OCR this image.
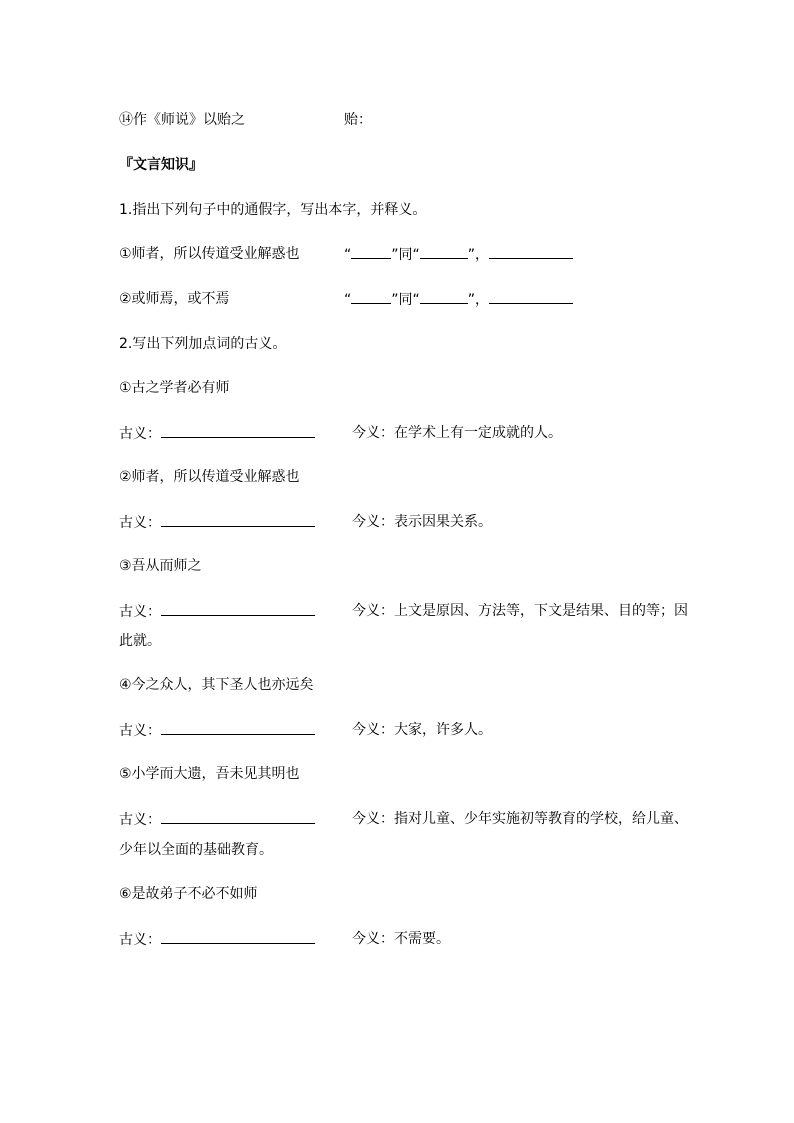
⑭作《师说》以贻之	贻：
『文言知识』
1.指出下列句子中的通假字，写出本字，并释义。
①师者，所以传道受业解惑也	“	”同“	”，
②或师焉，或不焉	“	”同“	”，
2.写出下列加点词的古义。
①古之学者必有师
古义：	今义：在学术上有一定成就的人。
②师者，所以传道受业解惑也
古义：	今义：表示因果关系。
③吾从而师之
古义：	今义：上文是原因、方法等，下文是结果、目的等；因
此就。
④今之众人，其下圣人也亦远矣
古义：	今义：大家，许多人。
⑤小学而大遗，吾未见其明也
古义：	今义：指对儿童、少年实施初等教育的学校，给儿童、
少年以全面的基础教育。
⑥是故弟子不必不如师
古义：	今义：不需要。
